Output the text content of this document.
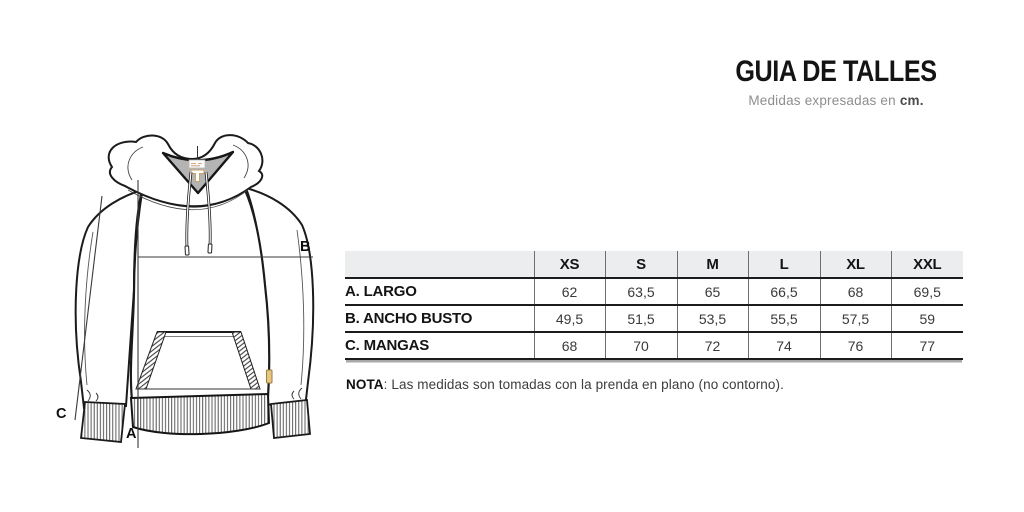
A
B
C
GUIA DE TALLES
Medidas expresadas en cm.
	XS	S	M	L	XL	XXL
A. LARGO	62	63,5	65	66,5	68	69,5
B. ANCHO BUSTO	49,5	51,5	53,5	55,5	57,5	59
C. MANGAS	68	70	72	74	76	77
NOTA: Las medidas son tomadas con la prenda en plano (no contorno).
